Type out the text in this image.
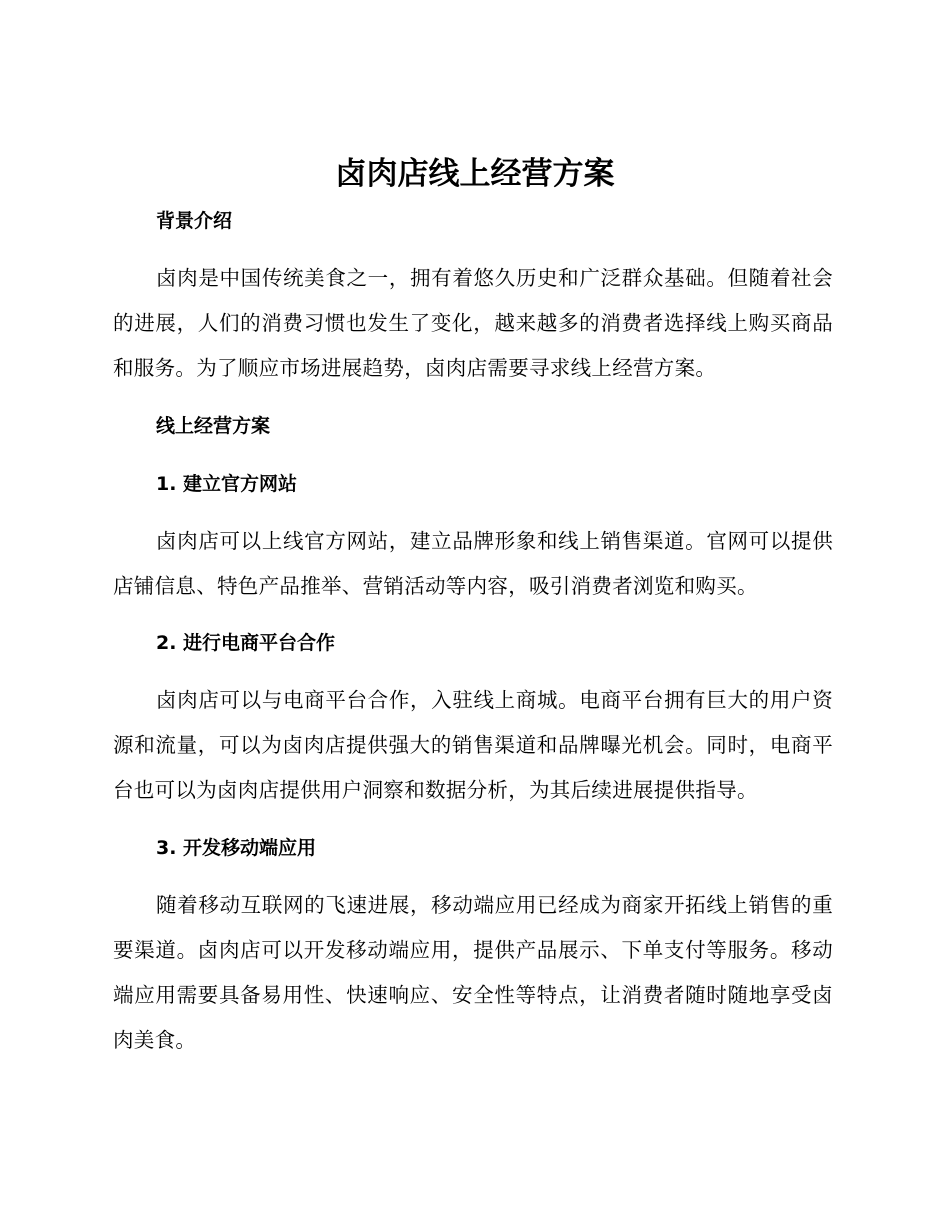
卤肉店线上经营方案
背景介绍

卤肉是中国传统美食之一，拥有着悠久历史和广泛群众基础。但随着社会的进展，人们的消费习惯也发生了变化，越来越多的消费者选择线上购买商品和服务。为了顺应市场进展趋势，卤肉店需要寻求线上经营方案。

线上经营方案
1. 建立官方网站

卤肉店可以上线官方网站，建立品牌形象和线上销售渠道。官网可以提供店铺信息、特色产品推举、营销活动等内容，吸引消费者浏览和购买。

2. 进行电商平台合作

卤肉店可以与电商平台合作，入驻线上商城。电商平台拥有巨大的用户资源和流量，可以为卤肉店提供强大的销售渠道和品牌曝光机会。同时，电商平台也可以为卤肉店提供用户洞察和数据分析，为其后续进展提供指导。

3. 开发移动端应用

随着移动互联网的飞速进展，移动端应用已经成为商家开拓线上销售的重要渠道。卤肉店可以开发移动端应用，提供产品展示、下单支付等服务。移动端应用需要具备易用性、快速响应、安全性等特点，让消费者随时随地享受卤肉美食。
